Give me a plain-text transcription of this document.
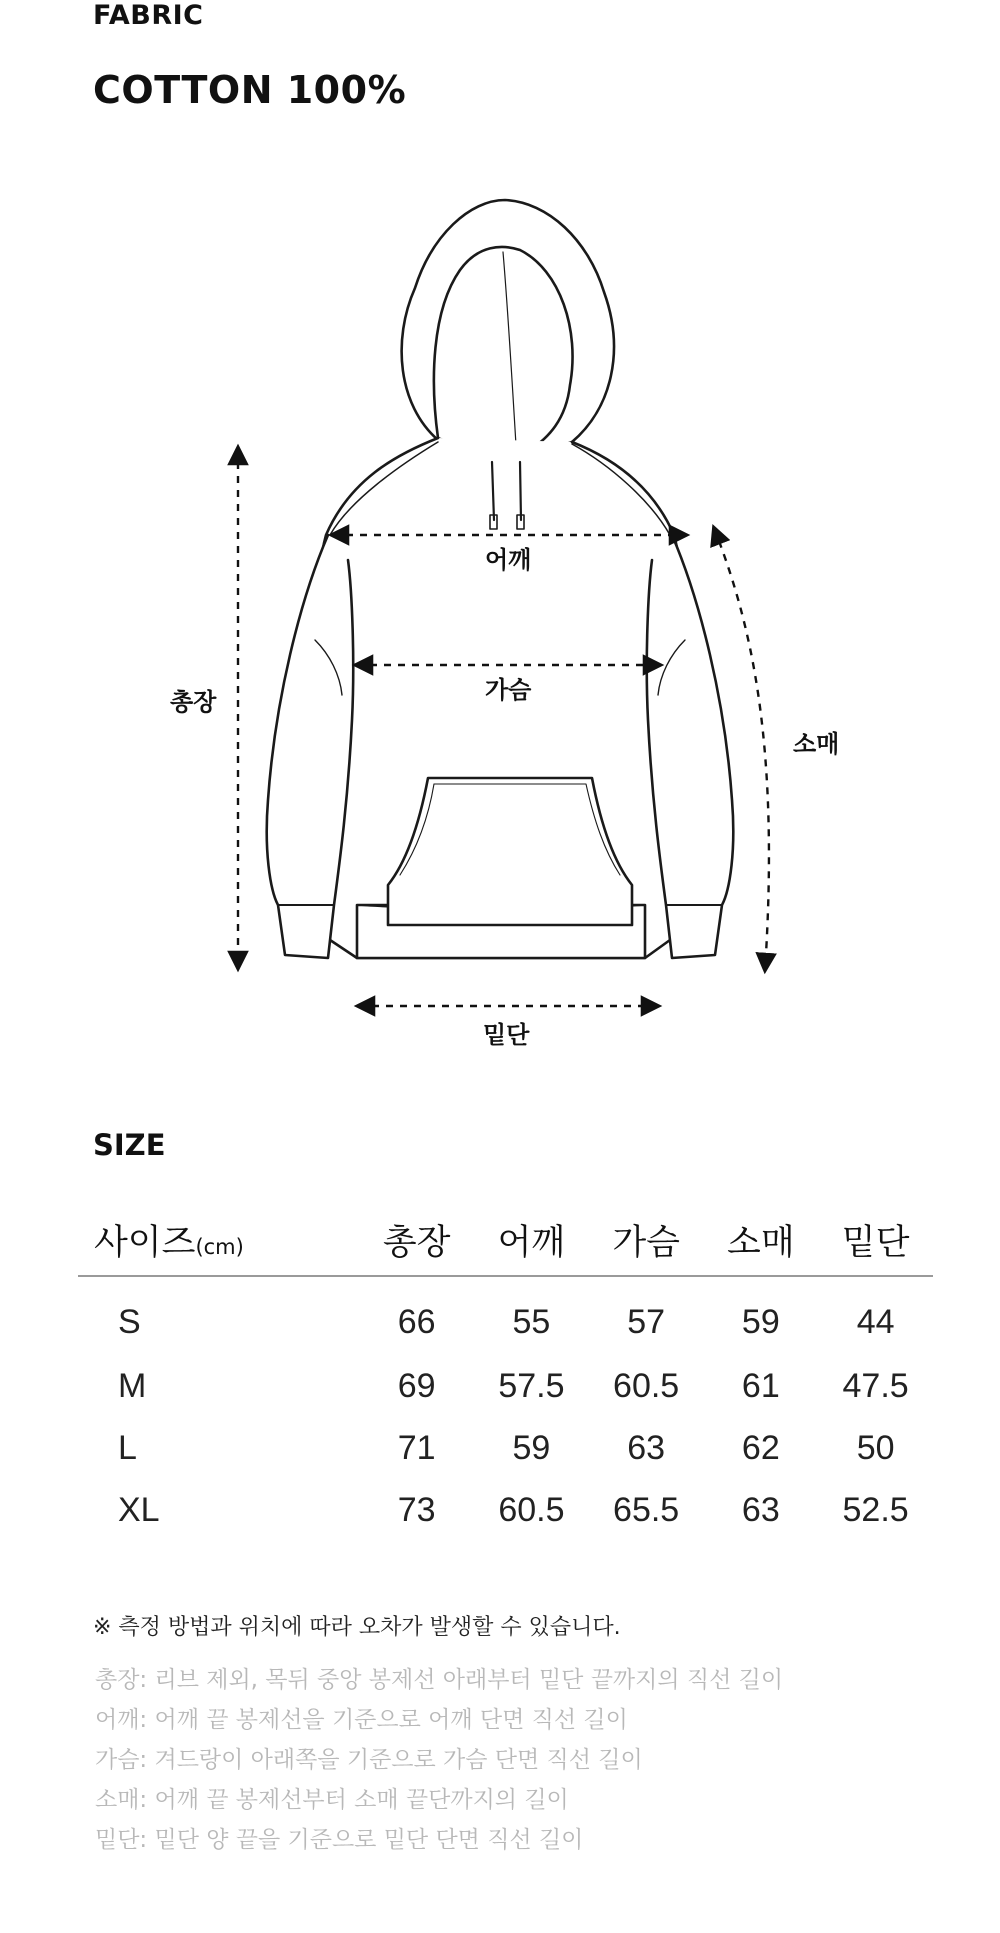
FABRIC
COTTON 100%
총장
어깨
가슴
소매
밑단
SIZE
사이즈(cm)	총장	어깨	가슴	소매	밑단
S	66	55	57	59	44
M	69	57.5	60.5	61	47.5
L	71	59	63	62	50
XL	73	60.5	65.5	63	52.5
※ 측정 방법과 위치에 따라 오차가 발생할 수 있습니다.
총장: 리브 제외, 목뒤 중앙 봉제선 아래부터 밑단 끝까지의 직선 길이
어깨: 어깨 끝 봉제선을 기준으로 어깨 단면 직선 길이
가슴: 겨드랑이 아래쪽을 기준으로 가슴 단면 직선 길이
소매: 어깨 끝 봉제선부터 소매 끝단까지의 길이
밑단: 밑단 양 끝을 기준으로 밑단 단면 직선 길이
